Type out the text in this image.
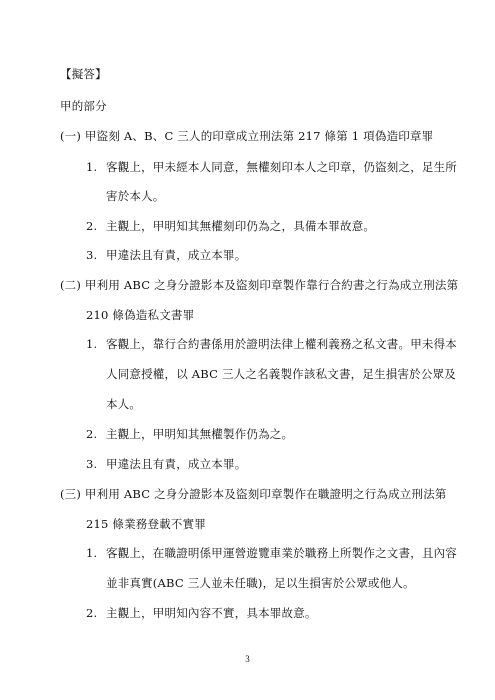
【擬答】
甲的部分
(一) 甲盜刻 A、B、C 三人的印章成立刑法第 217 條第 1 項偽造印章罪
1. 客觀上，甲未經本人同意，無權刻印本人之印章，仍盜刻之，足生所
害於本人。
2. 主觀上，甲明知其無權刻印仍為之，具備本罪故意。
3. 甲違法且有責，成立本罪。
(二) 甲利用 ABC 之身分證影本及盜刻印章製作靠行合約書之行為成立刑法第
210 條偽造私文書罪
1. 客觀上，靠行合約書係用於證明法律上權利義務之私文書。甲未得本
人同意授權，以 ABC 三人之名義製作該私文書，足生損害於公眾及
本人。
2. 主觀上，甲明知其無權製作仍為之。
3. 甲違法且有責，成立本罪。
(三) 甲利用 ABC 之身分證影本及盜刻印章製作在職證明之行為成立刑法第
215 條業務登載不實罪
1. 客觀上，在職證明係甲運營遊覽車業於職務上所製作之文書，且內容
並非真實(ABC 三人並未任職)，足以生損害於公眾或他人。
2. 主觀上，甲明知內容不實，具本罪故意。
3
